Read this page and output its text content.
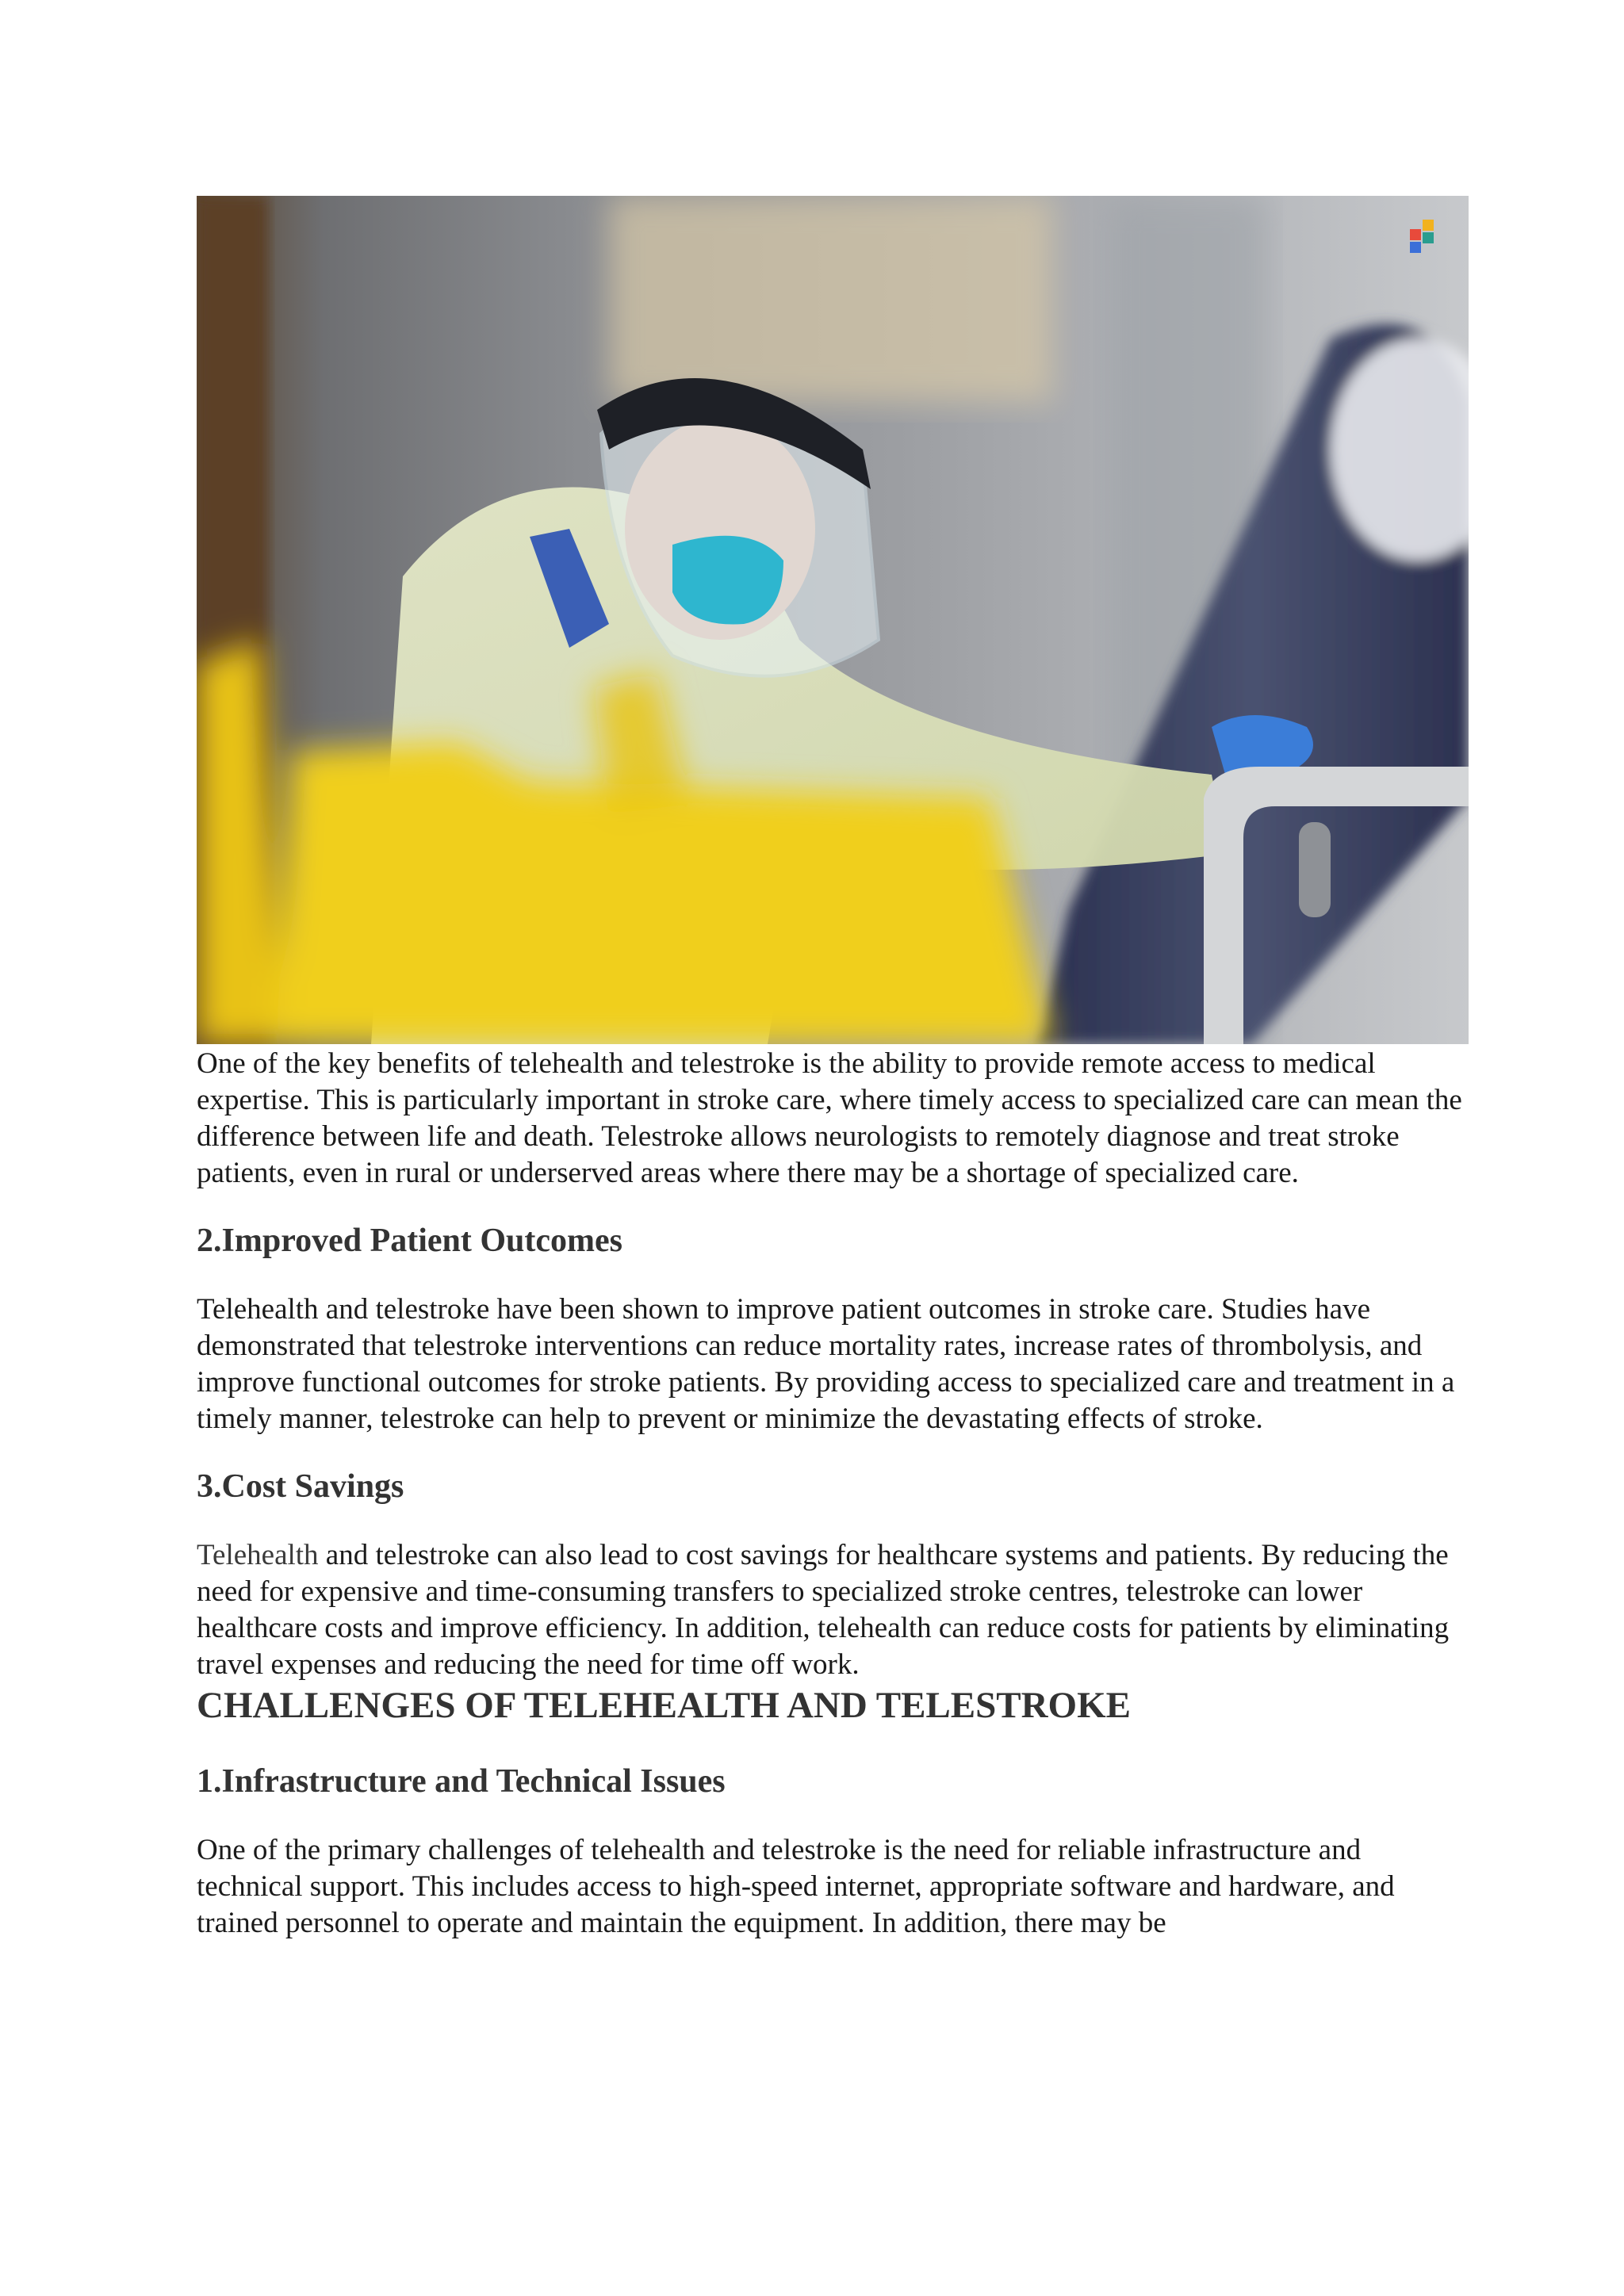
One of the key benefits of telehealth and telestroke is the ability to provide remote access to medical expertise. This is particularly important in stroke care, where timely access to specialized care can mean the difference between life and death. Telestroke allows neurologists to remotely diagnose and treat stroke patients, even in rural or underserved areas where there may be a shortage of specialized care.

2.Improved Patient Outcomes

Telehealth and telestroke have been shown to improve patient outcomes in stroke care. Studies have demonstrated that telestroke interventions can reduce mortality rates, increase rates of thrombolysis, and improve functional outcomes for stroke patients. By providing access to specialized care and treatment in a timely manner, telestroke can help to prevent or minimize the devastating effects of stroke.

3.Cost Savings

Telehealth and telestroke can also lead to cost savings for healthcare systems and patients. By reducing the need for expensive and time-consuming transfers to specialized stroke centres, telestroke can lower healthcare costs and improve efficiency. In addition, telehealth can reduce costs for patients by eliminating travel expenses and reducing the need for time off work.

CHALLENGES OF TELEHEALTH AND TELESTROKE
1.Infrastructure and Technical Issues

One of the primary challenges of telehealth and telestroke is the need for reliable infrastructure and technical support. This includes access to high-speed internet, appropriate software and hardware, and trained personnel to operate and maintain the equipment. In addition, there may be
